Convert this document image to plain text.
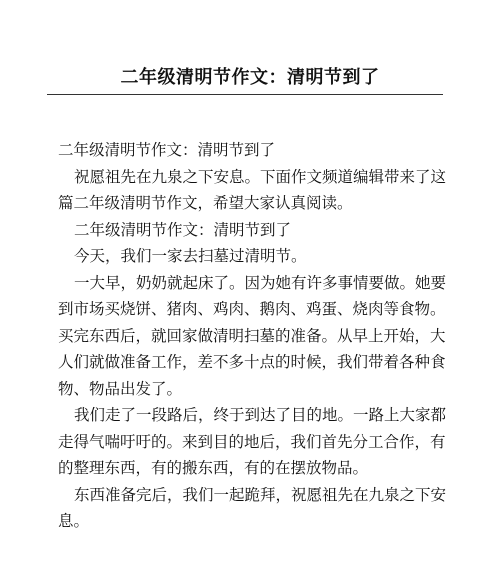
二年级清明节作文：清明节到了

二年级清明节作文：清明节到了

祝愿祖先在九泉之下安息。下面作文频道编辑带来了这篇二年级清明节作文，希望大家认真阅读。

二年级清明节作文：清明节到了

今天，我们一家去扫墓过清明节。

一大早，奶奶就起床了。因为她有许多事情要做。她要到市场买烧饼、猪肉、鸡肉、鹅肉、鸡蛋、烧肉等食物。买完东西后，就回家做清明扫墓的准备。从早上开始，大人们就做准备工作，差不多十点的时候，我们带着各种食物、物品出发了。

我们走了一段路后，终于到达了目的地。一路上大家都走得气喘吁吁的。来到目的地后，我们首先分工合作，有的整理东西，有的搬东西，有的在摆放物品。

东西准备完后，我们一起跪拜，祝愿祖先在九泉之下安息。
